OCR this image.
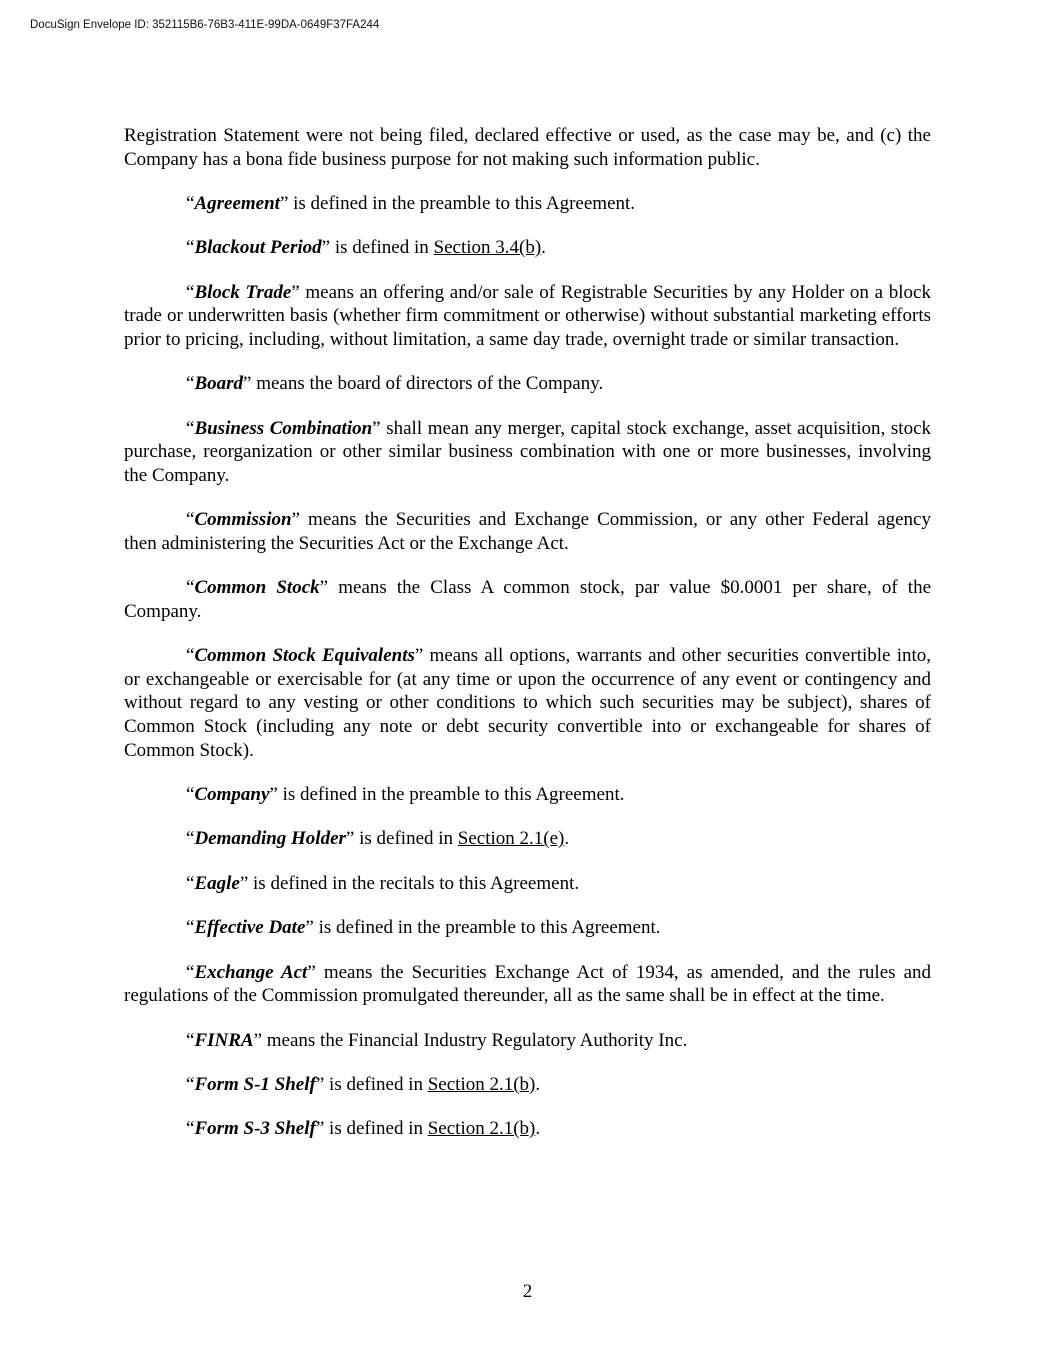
DocuSign Envelope ID: 352115B6-76B3-411E-99DA-0649F37FA244

Registration Statement were not being filed, declared effective or used, as the case may be, and (c) the Company has a bona fide business purpose for not making such information public.

“Agreement” is defined in the preamble to this Agreement.

“Blackout Period” is defined in Section 3.4(b).

“Block Trade” means an offering and/or sale of Registrable Securities by any Holder on a block trade or underwritten basis (whether firm commitment or otherwise) without substantial marketing efforts prior to pricing, including, without limitation, a same day trade, overnight trade or similar transaction.

“Board” means the board of directors of the Company.

“Business Combination” shall mean any merger, capital stock exchange, asset acquisition, stock purchase, reorganization or other similar business combination with one or more businesses, involving the Company.

“Commission” means the Securities and Exchange Commission, or any other Federal agency then administering the Securities Act or the Exchange Act.

“Common Stock” means the Class A common stock, par value $0.0001 per share, of the Company.

“Common Stock Equivalents” means all options, warrants and other securities convertible into, or exchangeable or exercisable for (at any time or upon the occurrence of any event or contingency and without regard to any vesting or other conditions to which such securities may be subject), shares of Common Stock (including any note or debt security convertible into or exchangeable for shares of Common Stock).

“Company” is defined in the preamble to this Agreement.

“Demanding Holder” is defined in Section 2.1(e).

“Eagle” is defined in the recitals to this Agreement.

“Effective Date” is defined in the preamble to this Agreement.

“Exchange Act” means the Securities Exchange Act of 1934, as amended, and the rules and regulations of the Commission promulgated thereunder, all as the same shall be in effect at the time.

“FINRA” means the Financial Industry Regulatory Authority Inc.

“Form S-1 Shelf” is defined in Section 2.1(b).

“Form S-3 Shelf” is defined in Section 2.1(b).

2
